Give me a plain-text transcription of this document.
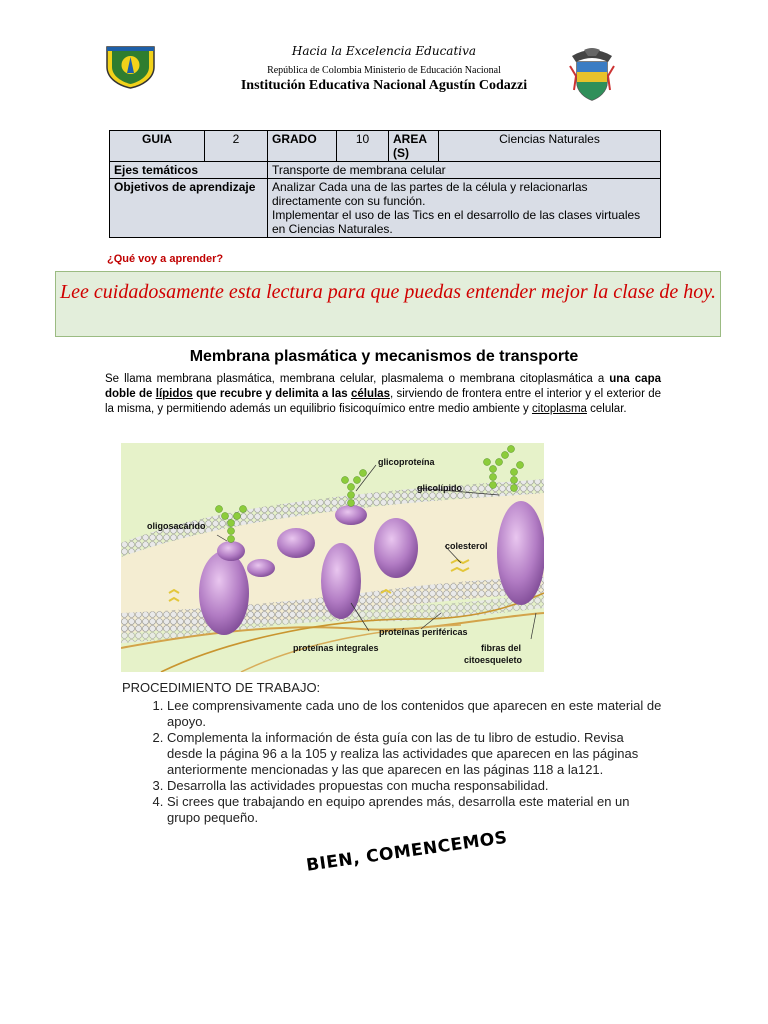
Hacia la Excelencia Educativa
República de Colombia Ministerio de Educación Nacional
Institución Educativa Nacional Agustín Codazzi
GUIA	2	GRADO	10	AREA (S)	Ciencias Naturales
Ejes temáticos		Transporte de membrana celular			
Objetivos de aprendizaje		Analizar Cada una de las partes de la célula y relacionarlas directamente con su función.
Implementar el uso de las Tics en el desarrollo de las clases virtuales en Ciencias Naturales.			
¿Qué voy a aprender?
Lee cuidadosamente esta lectura para que puedas entender mejor la clase de hoy.
Membrana plasmática y mecanismos de transporte
Se llama membrana plasmática, membrana celular, plasmalema o membrana citoplasmática a una capa doble de lípidos que recubre y delimita a las células, sirviendo de frontera entre el interior y el exterior de la misma, y permitiendo además un equilibrio fisicoquímico entre medio ambiente y citoplasma celular.
glicoproteína
glicolípido
oligosacárido
colesterol
proteínas periféricas
proteínas integrales	fibras del
citoesqueleto
PROCEDIMIENTO DE TRABAJO:
1. Lee comprensivamente cada uno de los contenidos que aparecen en este material de apoyo.
2. Complementa la información de ésta guía con las de tu libro de estudio. Revisa desde la página 96 a la 105 y realiza las actividades que aparecen en las páginas anteriormente mencionadas y las que aparecen en las páginas 118 a la121.
3. Desarrolla las actividades propuestas con mucha responsabilidad.
4. Si crees que trabajando en equipo aprendes más, desarrolla este material en un grupo pequeño.
BIEN, COMENCEMOS
